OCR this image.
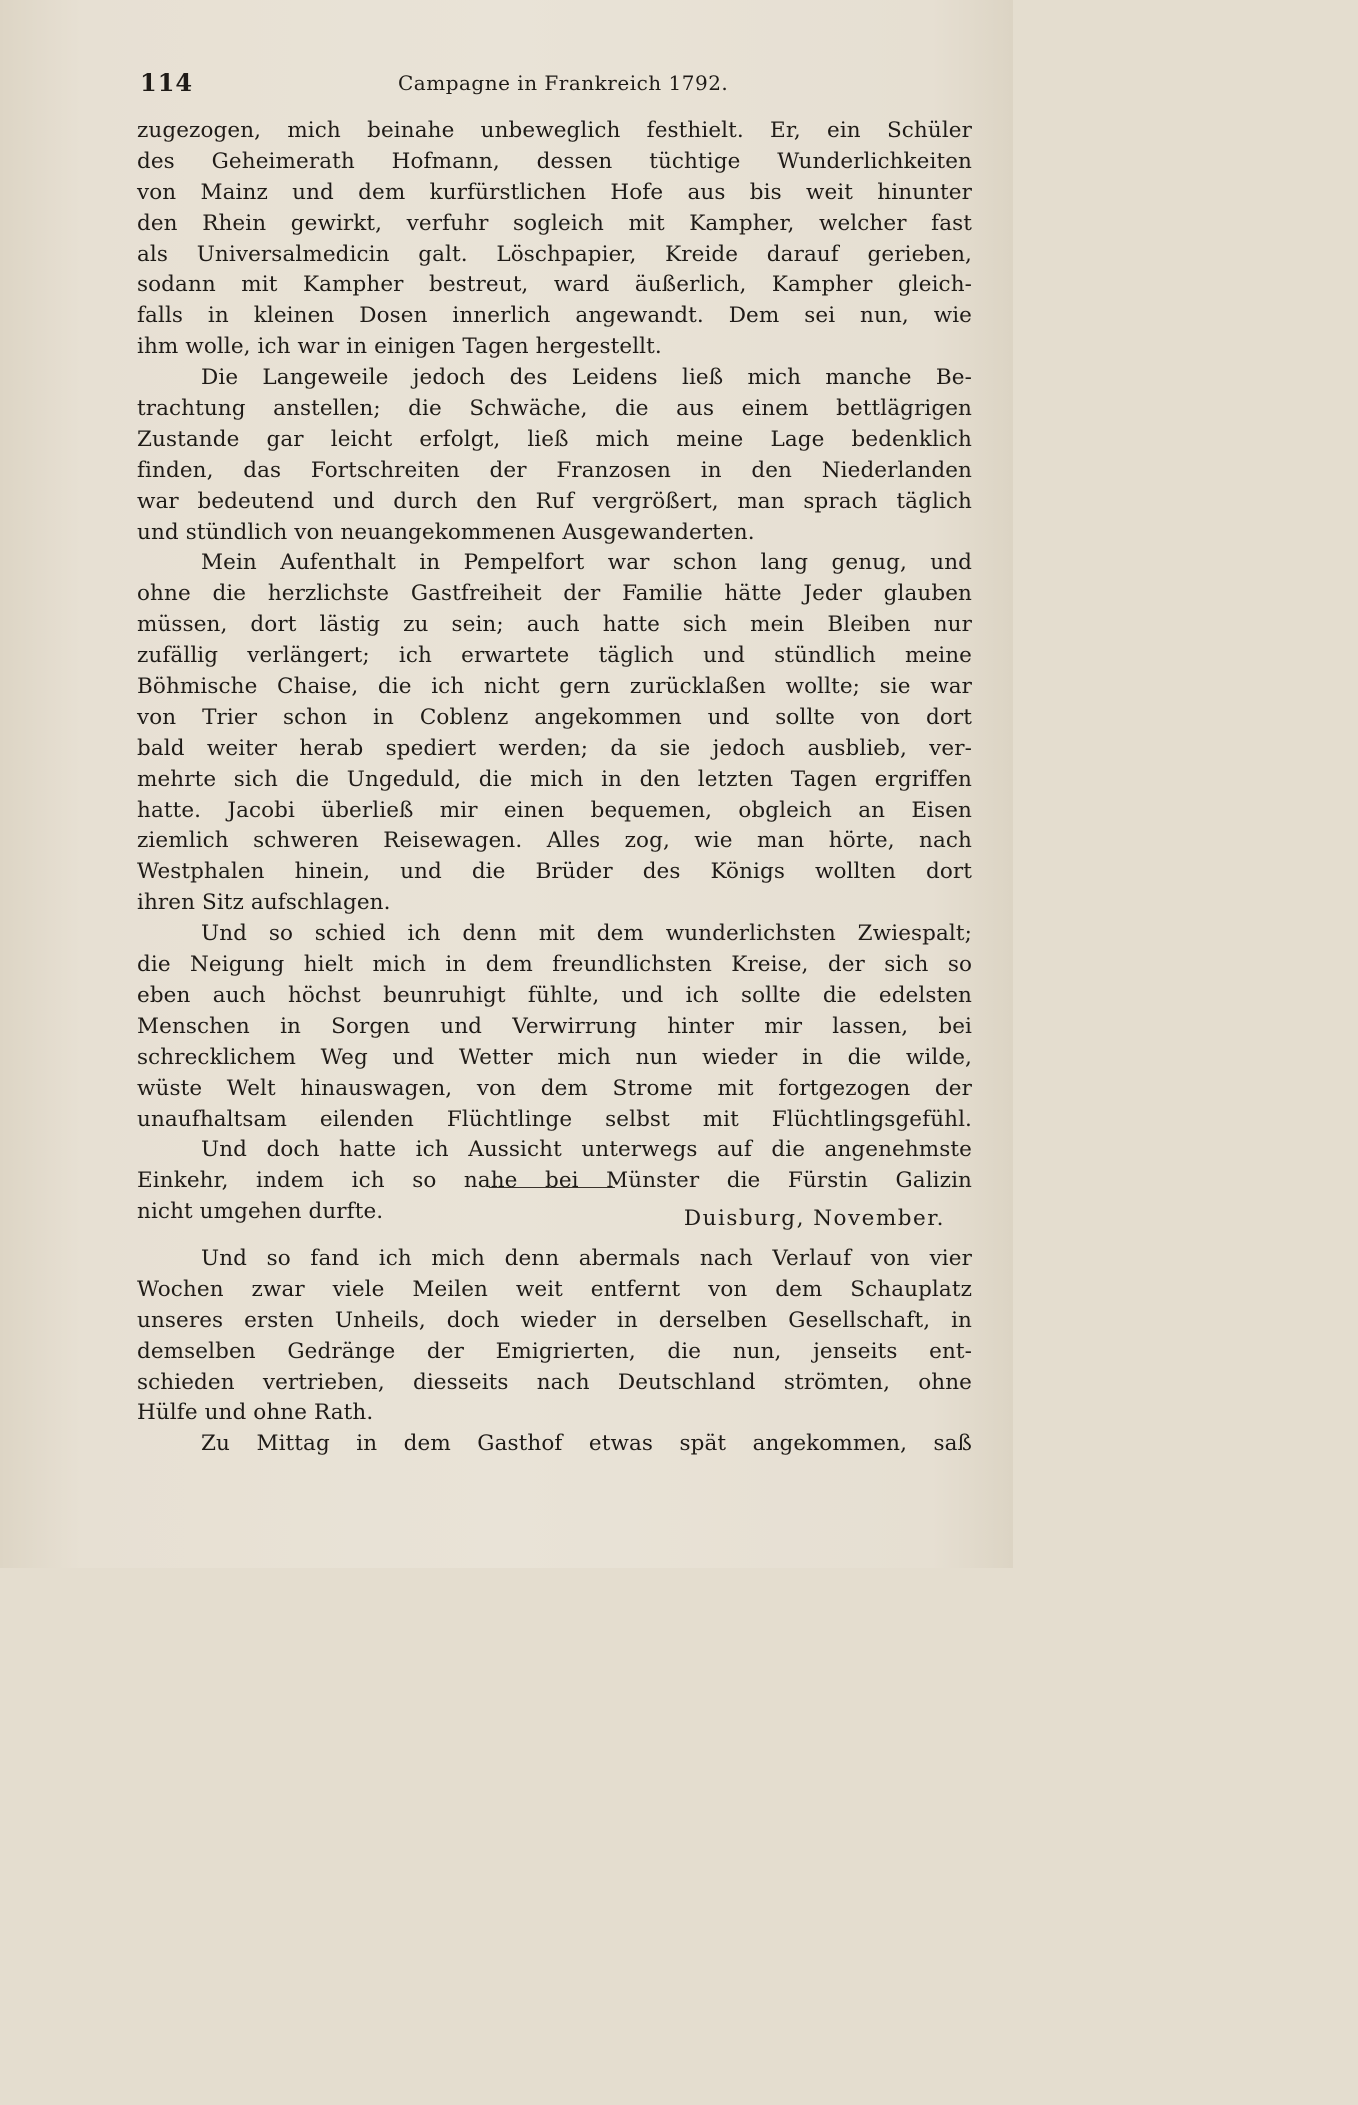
114	Campagne in Frankreich 1792.
zugezogen, mich beinahe unbeweglich festhielt. Er, ein Schüler
des Geheimerath Hofmann, dessen tüchtige Wunderlichkeiten
von Mainz und dem kurfürstlichen Hofe aus bis weit hinunter
den Rhein gewirkt, verfuhr sogleich mit Kampher, welcher fast
als Universalmedicin galt. Löschpapier, Kreide darauf gerieben,
sodann mit Kampher bestreut, ward äußerlich, Kampher gleich-
falls in kleinen Dosen innerlich angewandt. Dem sei nun, wie
ihm wolle, ich war in einigen Tagen hergestellt.
Die Langeweile jedoch des Leidens ließ mich manche Be-
trachtung anstellen; die Schwäche, die aus einem bettlägrigen
Zustande gar leicht erfolgt, ließ mich meine Lage bedenklich
finden, das Fortschreiten der Franzosen in den Niederlanden
war bedeutend und durch den Ruf vergrößert, man sprach täglich
und stündlich von neuangekommenen Ausgewanderten.
Mein Aufenthalt in Pempelfort war schon lang genug, und
ohne die herzlichste Gastfreiheit der Familie hätte Jeder glauben
müssen, dort lästig zu sein; auch hatte sich mein Bleiben nur
zufällig verlängert; ich erwartete täglich und stündlich meine
Böhmische Chaise, die ich nicht gern zurücklaßen wollte; sie war
von Trier schon in Coblenz angekommen und sollte von dort
bald weiter herab spediert werden; da sie jedoch ausblieb, ver-
mehrte sich die Ungeduld, die mich in den letzten Tagen ergriffen
hatte. Jacobi überließ mir einen bequemen, obgleich an Eisen
ziemlich schweren Reisewagen. Alles zog, wie man hörte, nach
Westphalen hinein, und die Brüder des Königs wollten dort
ihren Sitz aufschlagen.
Und so schied ich denn mit dem wunderlichsten Zwiespalt;
die Neigung hielt mich in dem freundlichsten Kreise, der sich so
eben auch höchst beunruhigt fühlte, und ich sollte die edelsten
Menschen in Sorgen und Verwirrung hinter mir lassen, bei
schrecklichem Weg und Wetter mich nun wieder in die wilde,
wüste Welt hinauswagen, von dem Strome mit fortgezogen der
unaufhaltsam eilenden Flüchtlinge selbst mit Flüchtlingsgefühl.
Und doch hatte ich Aussicht unterwegs auf die angenehmste
Einkehr, indem ich so nahe bei Münster die Fürstin Galizin
nicht umgehen durfte.	Duisburg, November.
Und so fand ich mich denn abermals nach Verlauf von vier
Wochen zwar viele Meilen weit entfernt von dem Schauplatz
unseres ersten Unheils, doch wieder in derselben Gesellschaft, in
demselben Gedränge der Emigrierten, die nun, jenseits ent-
schieden vertrieben, diesseits nach Deutschland strömten, ohne
Hülfe und ohne Rath.
Zu Mittag in dem Gasthof etwas spät angekommen, saß
